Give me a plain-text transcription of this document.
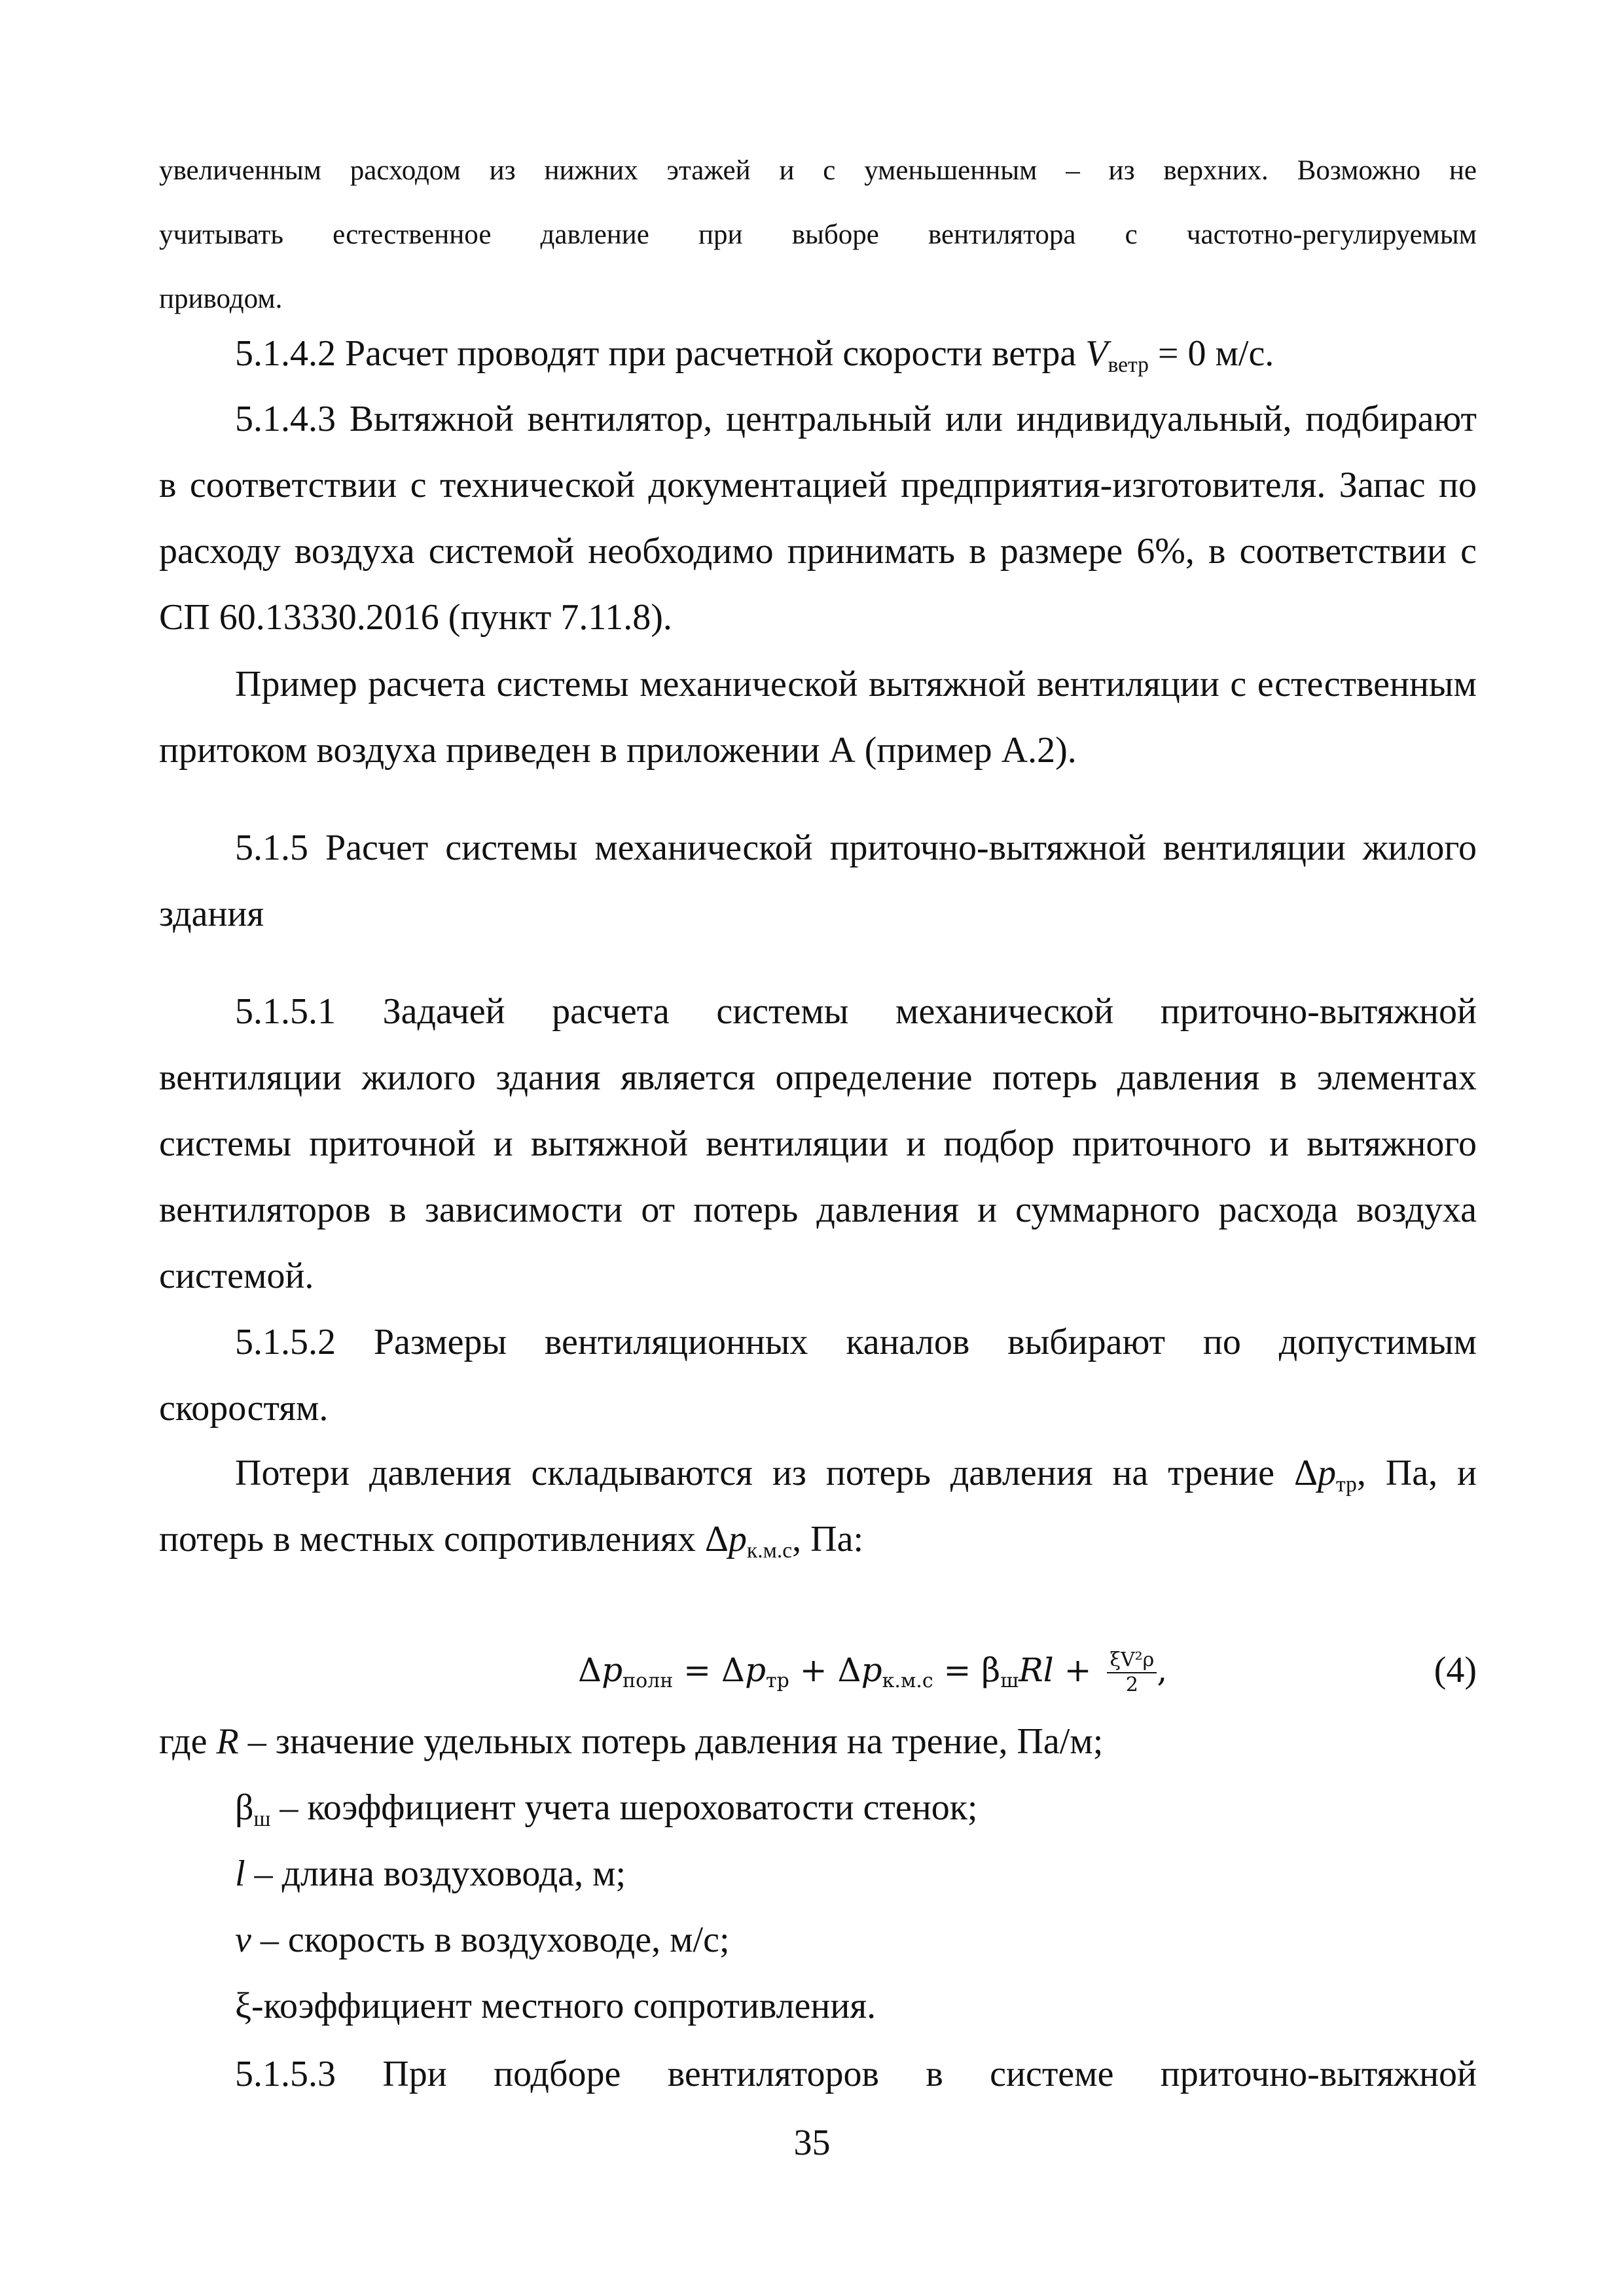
увеличенным расходом из нижних этажей и с уменьшенным – из верхних. Возможно не

учитывать естественное давление при выборе вентилятора с частотно-регулируемым

приводом.

5.1.4.2 Расчет проводят при расчетной скорости ветра $V_{ветр} = 0$ м/с.

5.1.4.3 Вытяжной вентилятор, центральный или индивидуальный, подбирают в соответствии с технической документацией предприятия-изготовителя. Запас по расходу воздуха системой необходимо принимать в размере 6%, в соответствии с СП 60.13330.2016 (пункт 7.11.8).

Пример расчета системы механической вытяжной вентиляции с естественным притоком воздуха приведен в приложении А (пример А.2).

5.1.5 Расчет системы механической приточно-вытяжной вентиляции жилого здания

5.1.5.1 Задачей расчета системы механической приточно-вытяжной вентиляции жилого здания является определение потерь давления в элементах системы приточной и вытяжной вентиляции и подбор приточного и вытяжного вентиляторов в зависимости от потерь давления и суммарного расхода воздуха системой.

5.1.5.2 Размеры вентиляционных каналов выбирают по допустимым скоростям.

Потери давления складываются из потерь давления на трение $\Delta p_{тр}$, Па, и потерь в местных сопротивлениях $\Delta p_{к.м.с}$, Па:

$\Delta p_{полн} = \Delta p_{тр} + \Delta p_{к.м.с} = \beta_шRl + \frac{\text{ξV²ρ}}{2}$ ,	(4)

где R – значение удельных потерь давления на трение, Па/м;

$\beta_ш$ – коэффициент учета шероховатости стенок;

l – длина воздуховода, м;

v – скорость в воздуховоде, м/с;

ξ-коэффициент местного сопротивления.

5.1.5.3 При подборе вентиляторов в системе приточно-вытяжной

35
